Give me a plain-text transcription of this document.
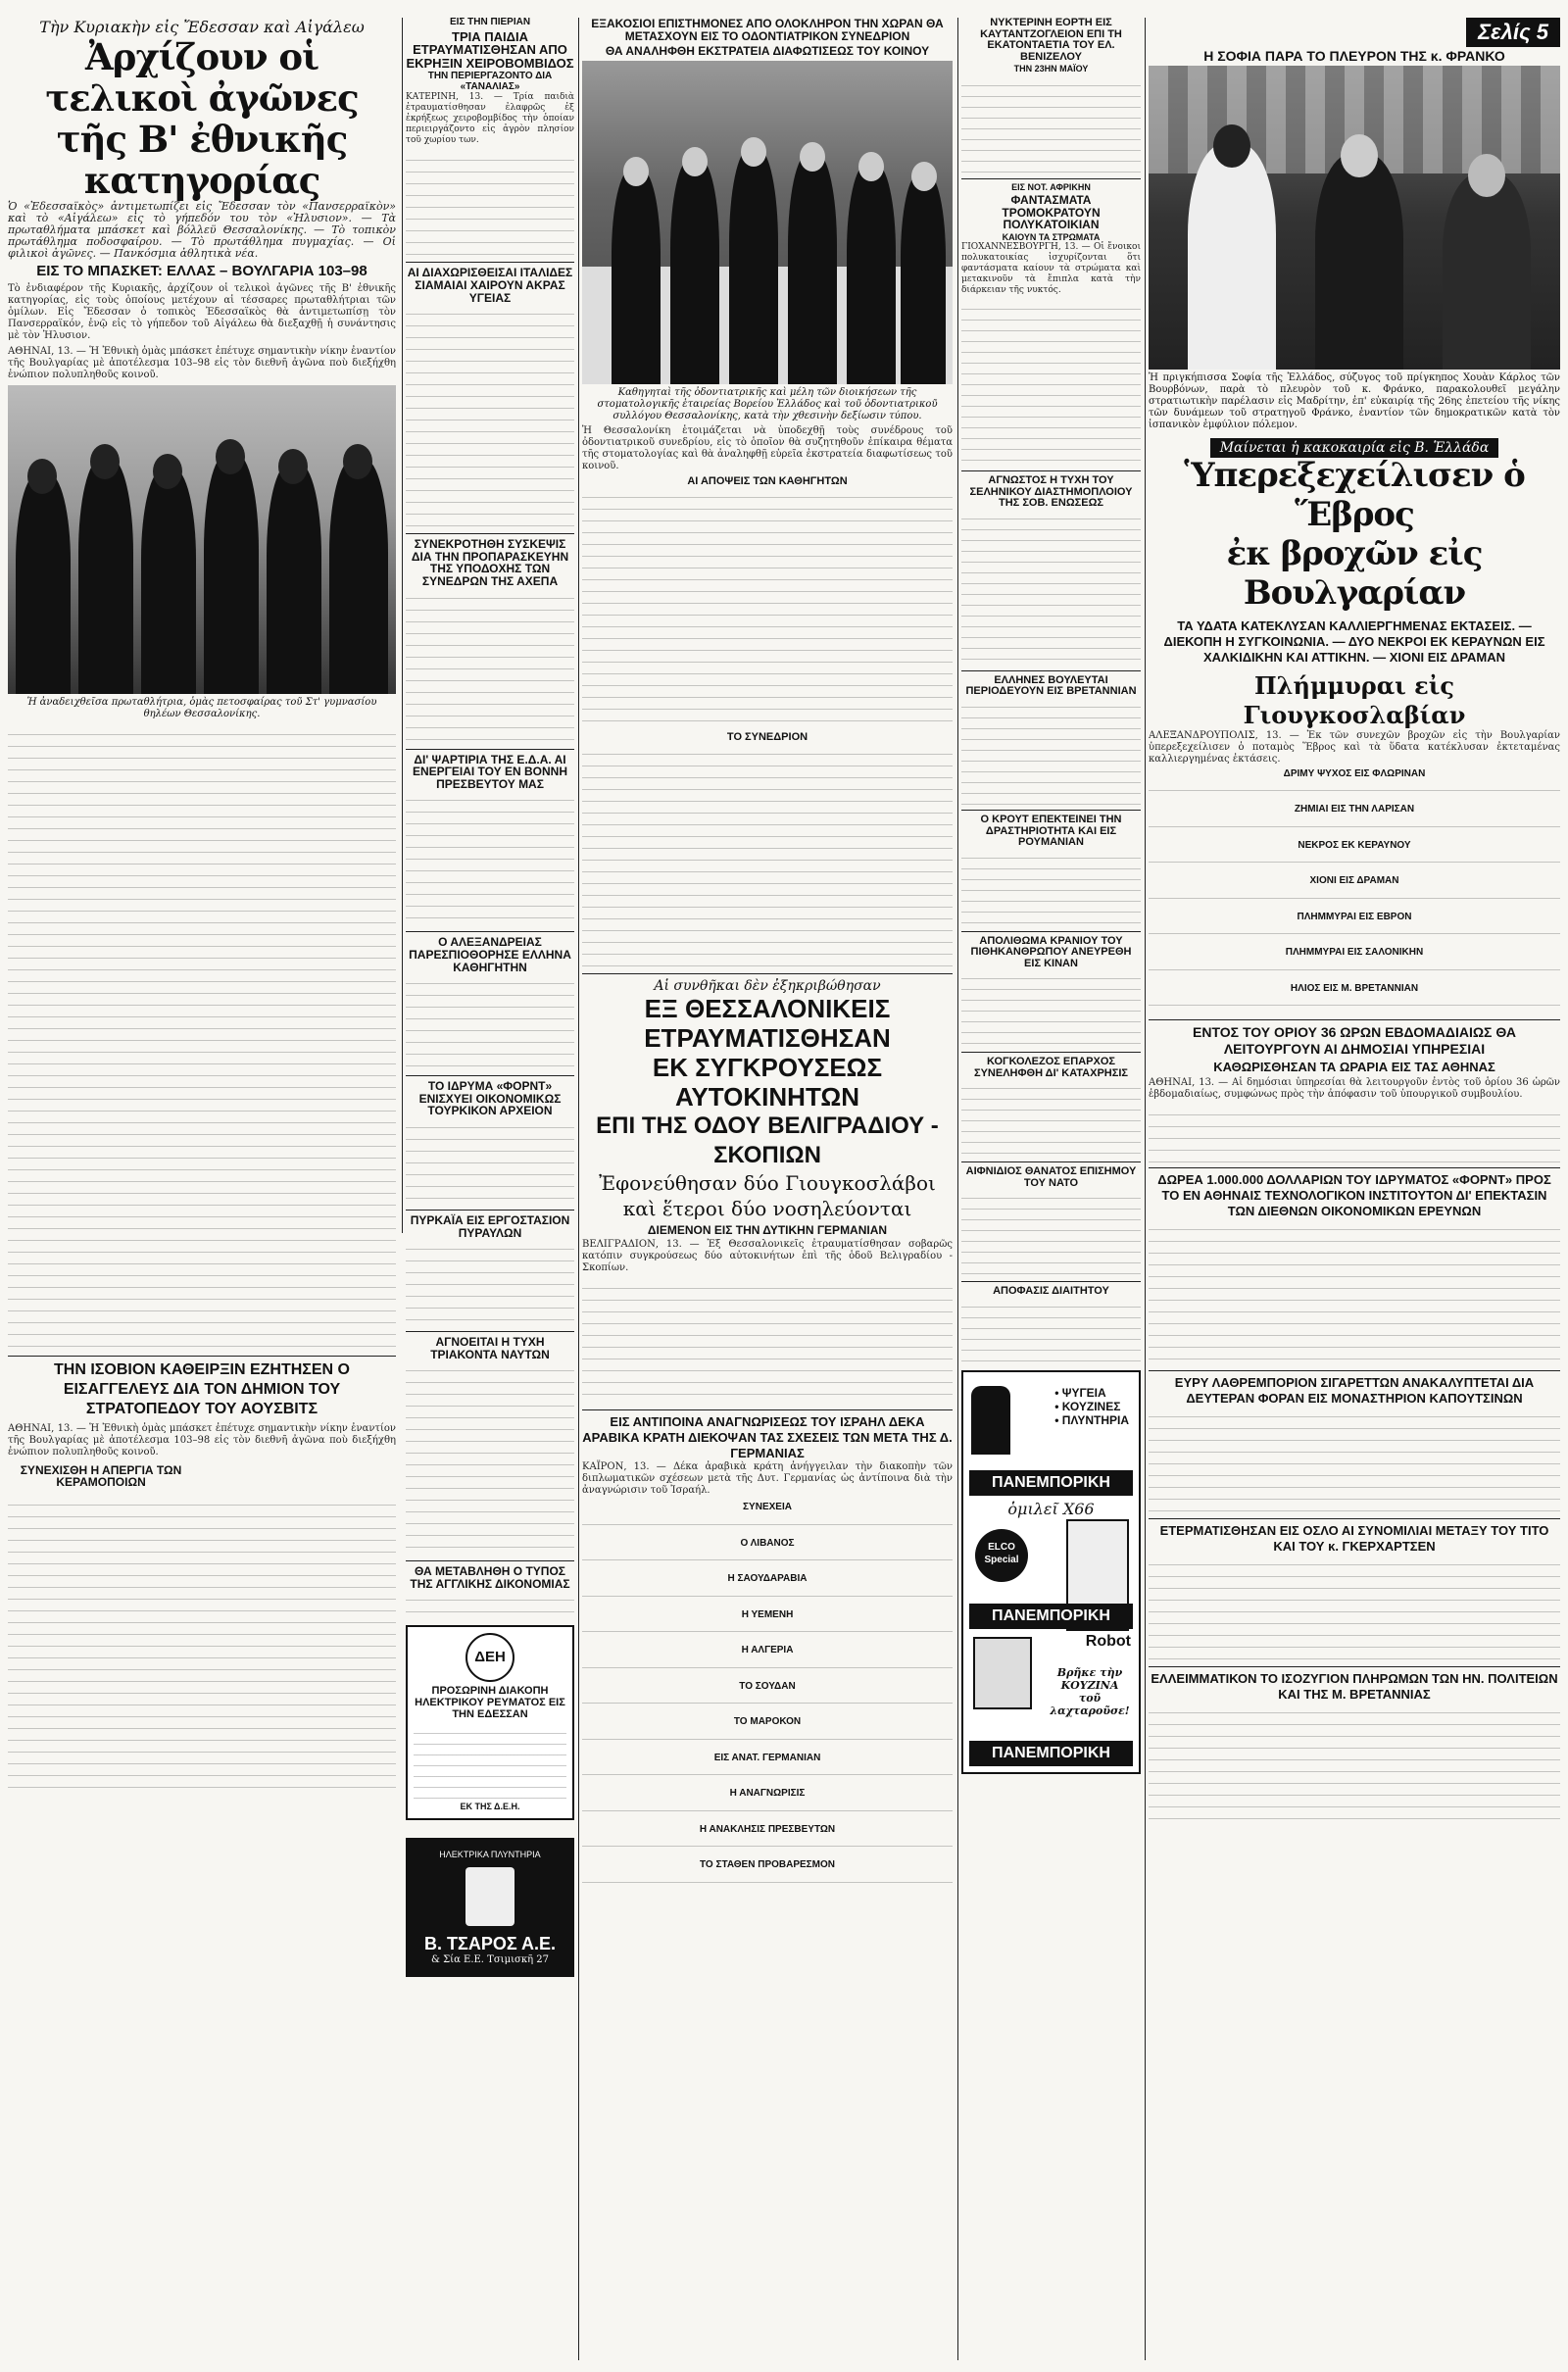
Τὴν Κυριακὴν εἰς Ἔδεσσαν καὶ Αἰγάλεω
Ἀρχίζουν οἱ τελικοὶ ἀγῶνες
τῆς Β' ἐθνικῆς κατηγορίας
Ὁ «Ἐδεσσαϊκὸς» ἀντιμετωπίζει εἰς Ἔδεσσαν τὸν «Πανσερραϊκὸν» καὶ τὸ «Αἰγάλεω» εἰς τὸ γήπεδόν του τὸν «Ἠλυσιον». — Τὰ πρωταθλήματα μπάσκετ καὶ βόλλεϋ Θεσσαλονίκης. — Τὸ τοπικὸν πρωτάθλημα ποδοσφαίρου. — Τὸ πρωτάθλημα πυγμαχίας. — Οἱ φιλικοὶ ἀγῶνες. — Πανκόσμια ἀθλητικὰ νέα.
ΕΙΣ ΤΟ ΜΠΑΣΚΕΤ: ΕΛΛΑΣ – ΒΟΥΛΓΑΡΙΑ 103–98
Τὸ ἐνδιαφέρον τῆς Κυριακῆς, ἀρχίζουν οἱ τελικοὶ ἀγῶνες τῆς Β' ἐθνικῆς κατηγορίας, εἰς τοὺς ὁποίους μετέχουν αἱ τέσσαρες πρωταθλήτριαι τῶν ὁμίλων. Εἰς Ἔδεσσαν ὁ τοπικὸς Ἐδεσσαϊκὸς θὰ ἀντιμετωπίσῃ τὸν Πανσερραϊκόν, ἐνῷ εἰς τὸ γήπεδον τοῦ Αἰγάλεω θὰ διεξαχθῇ ἡ συνάντησις μὲ τὸν Ἠλυσιον.
ΑΘΗΝΑΙ, 13. — Ἡ Ἐθνικὴ ὁμὰς μπάσκετ ἐπέτυχε σημαντικὴν νίκην ἐναντίον τῆς Βουλγαρίας μὲ ἀποτέλεσμα 103–98 εἰς τὸν διεθνῆ ἀγῶνα ποὺ διεξήχθη ἐνώπιον πολυπληθοῦς κοινοῦ.
Ἡ ἀναδειχθεῖσα πρωταθλήτρια, ὁμὰς πετοσφαίρας τοῦ Στ' γυμνασίου θηλέων Θεσσαλονίκης.
ΤΗΝ ΙΣΟΒΙΟΝ ΚΑΘΕΙΡΞΙΝ ΕΖΗΤΗΣΕΝ Ο ΕΙΣΑΓΓΕΛΕΥΣ ΔΙΑ ΤΟΝ ΔΗΜΙΟΝ ΤΟΥ ΣΤΡΑΤΟΠΕΔΟΥ ΤΟΥ ΑΟΥΣΒΙΤΣ
ΑΘΗΝΑΙ, 13. — Ἡ Ἐθνικὴ ὁμὰς μπάσκετ ἐπέτυχε σημαντικὴν νίκην ἐναντίον τῆς Βουλγαρίας μὲ ἀποτέλεσμα 103–98 εἰς τὸν διεθνῆ ἀγῶνα ποὺ διεξήχθη ἐνώπιον πολυπληθοῦς κοινοῦ.
ΣΥΝΕΧΙΣΘΗ Η ΑΠΕΡΓΙΑ ΤΩΝ ΚΕΡΑΜΟΠΟΙΩΝ
ΕΙΣ ΤΗΝ ΠΙΕΡΙΑΝ
ΤΡΙΑ ΠΑΙΔΙΑ ΕΤΡΑΥΜΑΤΙΣΘΗΣΑΝ ΑΠΟ ΕΚΡΗΞΙΝ ΧΕΙΡΟΒΟΜΒΙΔΟΣ
ΤΗΝ ΠΕΡΙΕΡΓΑΖΟΝΤΟ ΔΙΑ «ΤΑΝΑΛΙΑΣ»
ΚΑΤΕΡΙΝΗ, 13. — Τρία παιδιὰ ἐτραυματίσθησαν ἐλαφρῶς ἐξ ἐκρήξεως χειροβομβίδος τὴν ὁποίαν περιειργάζοντο εἰς ἀγρὸν πλησίον τοῦ χωρίου των.
ΑΙ ΔΙΑΧΩΡΙΣΘΕΙΣΑΙ ΙΤΑΛΙΔΕΣ ΣΙΑΜΑΙΑΙ ΧΑΙΡΟΥΝ ΑΚΡΑΣ ΥΓΕΙΑΣ
ΣΥΝΕΚΡΟΤΗΘΗ ΣΥΣΚΕΨΙΣ ΔΙΑ ΤΗΝ ΠΡΟΠΑΡΑΣΚΕΥΗΝ ΤΗΣ ΥΠΟΔΟΧΗΣ ΤΩΝ ΣΥΝΕΔΡΩΝ ΤΗΣ ΑΧΕΠΑ
ΔΙ' ΨΑΡΤΙΡΙΑ ΤΗΣ Ε.Δ.Α. ΑΙ ΕΝΕΡΓΕΙΑΙ ΤΟΥ ΕΝ ΒΟΝΝΗ ΠΡΕΣΒΕΥΤΟΥ ΜΑΣ
Ο ΑΛΕΞΑΝΔΡΕΙΑΣ ΠΑΡΕΣΠΙΟΘΟΡΗΣΕ ΕΛΛΗΝΑ ΚΑΘΗΓΗΤΗΝ
ΤΟ ΙΔΡΥΜΑ «ΦΟΡΝΤ» ΕΝΙΣΧΥΕΙ ΟΙΚΟΝΟΜΙΚΩΣ ΤΟΥΡΚΙΚΟΝ ΑΡΧΕΙΟΝ
ΠΥΡΚΑΪΑ ΕΙΣ ΕΡΓΟΣΤΑΣΙΟΝ ΠΥΡΑΥΛΩΝ
ΑΓΝΟΕΙΤΑΙ Η ΤΥΧΗ ΤΡΙΑΚΟΝΤΑ ΝΑΥΤΩΝ
ΘΑ ΜΕΤΑΒΛΗΘΗ Ο ΤΥΠΟΣ ΤΗΣ ΑΓΓΛΙΚΗΣ ΔΙΚΟΝΟΜΙΑΣ
ΔΕΗ
ΠΡΟΣΩΡΙΝΗ ΔΙΑΚΟΠΗ ΗΛΕΚΤΡΙΚΟΥ ΡΕΥΜΑΤΟΣ ΕΙΣ ΤΗΝ ΕΔΕΣΣΑΝ
ΕΚ ΤΗΣ Δ.Ε.Η.
ΗΛΕΚΤΡΙΚΑ ΠΛΥΝΤΗΡΙΑ
Β. ΤΣΑΡΟΣ Α.Ε.
& Σία Ε.Ε. Τσιμισκῆ 27
ΕΞΑΚΟΣΙΟΙ ΕΠΙΣΤΗΜΟΝΕΣ ΑΠΟ ΟΛΟΚΛΗΡΟΝ ΤΗΝ ΧΩΡΑΝ ΘΑ ΜΕΤΑΣΧΟΥΝ ΕΙΣ ΤΟ ΟΔΟΝΤΙΑΤΡΙΚΟΝ ΣΥΝΕΔΡΙΟΝ
ΘΑ ΑΝΑΛΗΦΘΗ ΕΚΣΤΡΑΤΕΙΑ ΔΙΑΦΩΤΙΣΕΩΣ ΤΟΥ ΚΟΙΝΟΥ
Καθηγηταὶ τῆς ὀδοντιατρικῆς καὶ μέλη τῶν διοικήσεων τῆς στοματολογικῆς ἑταιρείας Βορείου Ἑλλάδος καὶ τοῦ ὀδοντιατρικοῦ συλλόγου Θεσσαλονίκης, κατὰ τὴν χθεσινὴν δεξίωσιν τύπου.
Ἡ Θεσσαλονίκη ἑτοιμάζεται νὰ ὑποδεχθῇ τοὺς συνέδρους τοῦ ὀδοντιατρικοῦ συνεδρίου, εἰς τὸ ὁποῖον θὰ συζητηθοῦν ἐπίκαιρα θέματα τῆς στοματολογίας καὶ θὰ ἀναληφθῇ εὐρεῖα ἐκστρατεία διαφωτίσεως τοῦ κοινοῦ.
ΑΙ ΑΠΟΨΕΙΣ ΤΩΝ ΚΑΘΗΓΗΤΩΝ
ΤΟ ΣΥΝΕΔΡΙΟΝ
Αἱ συνθῆκαι δὲν ἐξηκριβώθησαν
ΕΞ ΘΕΣΣΑΛΟΝΙΚΕΙΣ ΕΤΡΑΥΜΑΤΙΣΘΗΣΑΝ
ΕΚ ΣΥΓΚΡΟΥΣΕΩΣ ΑΥΤΟΚΙΝΗΤΩΝ
ΕΠΙ ΤΗΣ ΟΔΟΥ ΒΕΛΙΓΡΑΔΙΟΥ - ΣΚΟΠΙΩΝ
Ἐφονεύθησαν δύο Γιουγκοσλάβοι
καὶ ἕτεροι δύο νοσηλεύονται
ΔΙΕΜΕΝΟΝ ΕΙΣ ΤΗΝ ΔΥΤΙΚΗΝ ΓΕΡΜΑΝΙΑΝ
ΒΕΛΙΓΡΑΔΙΟΝ, 13. — Ἐξ Θεσσαλονικεῖς ἐτραυματίσθησαν σοβαρῶς κατόπιν συγκρούσεως δύο αὐτοκινήτων ἐπὶ τῆς ὁδοῦ Βελιγραδίου - Σκοπίων.
ΕΙΣ ΑΝΤΙΠΟΙΝΑ ΑΝΑΓΝΩΡΙΣΕΩΣ ΤΟΥ ΙΣΡΑΗΛ ΔΕΚΑ ΑΡΑΒΙΚΑ ΚΡΑΤΗ ΔΙΕΚΟΨΑΝ ΤΑΣ ΣΧΕΣΕΙΣ ΤΩΝ ΜΕΤΑ ΤΗΣ Δ. ΓΕΡΜΑΝΙΑΣ
ΚΑΪΡΟΝ, 13. — Δέκα ἀραβικὰ κράτη ἀνήγγειλαν τὴν διακοπὴν τῶν διπλωματικῶν σχέσεων μετὰ τῆς Δυτ. Γερμανίας ὡς ἀντίποινα διὰ τὴν ἀναγνώρισιν τοῦ Ἰσραήλ.
ΣΥΝΕΧΕΙΑ
Ο ΛΙΒΑΝΟΣ
Η ΣΑΟΥΔΑΡΑΒΙΑ
Η ΥΕΜΕΝΗ
Η ΑΛΓΕΡΙΑ
ΤΟ ΣΟΥΔΑΝ
ΤΟ ΜΑΡΟΚΟΝ
ΕΙΣ ΑΝΑΤ. ΓΕΡΜΑΝΙΑΝ
Η ΑΝΑΓΝΩΡΙΣΙΣ
Η ΑΝΑΚΛΗΣΙΣ ΠΡΕΣΒΕΥΤΩΝ
ΤΟ ΣΤΑΘΕΝ ΠΡΟΒΑΡΕΣΜΟΝ
ΝΥΚΤΕΡΙΝΗ ΕΟΡΤΗ ΕΙΣ ΚΑΥΤΑΝΤΖΟΓΛΕΙΟΝ ΕΠΙ ΤΗ ΕΚΑΤΟΝΤΑΕΤΙΑ ΤΟΥ ΕΛ. ΒΕΝΙΖΕΛΟΥ
ΤΗΝ 23ΗΝ ΜΑΪΟΥ
ΕΙΣ ΝΟΤ. ΑΦΡΙΚΗΝ
ΦΑΝΤΑΣΜΑΤΑ ΤΡΟΜΟΚΡΑΤΟΥΝ ΠΟΛΥΚΑΤΟΙΚΙΑΝ
ΚΑΙΟΥΝ ΤΑ ΣΤΡΩΜΑΤΑ
ΓΙΟΧΑΝΝΕΣΒΟΥΡΓΗ, 13. — Οἱ ἔνοικοι πολυκατοικίας ἰσχυρίζονται ὅτι φαντάσματα καίουν τὰ στρώματα καὶ μετακινοῦν τὰ ἔπιπλα κατὰ τὴν διάρκειαν τῆς νυκτός.
ΑΓΝΩΣΤΟΣ Η ΤΥΧΗ ΤΟΥ ΣΕΛΗΝΙΚΟΥ ΔΙΑΣΤΗΜΟΠΛΟΙΟΥ ΤΗΣ ΣΟΒ. ΕΝΩΣΕΩΣ
ΕΛΛΗΝΕΣ ΒΟΥΛΕΥΤΑΙ ΠΕΡΙΟΔΕΥΟΥΝ ΕΙΣ ΒΡΕΤΑΝΝΙΑΝ
Ο ΚΡΟΥΤ ΕΠΕΚΤΕΙΝΕΙ ΤΗΝ ΔΡΑΣΤΗΡΙΟΤΗΤΑ ΚΑΙ ΕΙΣ ΡΟΥΜΑΝΙΑΝ
ΑΠΟΛΙΘΩΜΑ ΚΡΑΝΙΟΥ ΤΟΥ ΠΙΘΗΚΑΝΘΡΩΠΟΥ ΑΝΕΥΡΕΘΗ ΕΙΣ ΚΙΝΑΝ
ΚΟΓΚΟΛΕΖΟΣ ΕΠΑΡΧΟΣ ΣΥΝΕΛΗΦΘΗ ΔΙ' ΚΑΤΑΧΡΗΣΙΣ
ΑΙΦΝΙΔΙΟΣ ΘΑΝΑΤΟΣ ΕΠΙΣΗΜΟΥ ΤΟΥ ΝΑΤΟ
ΑΠΟΦΑΣΙΣ ΔΙΑΙΤΗΤΟΥ
• ΨΥΓΕΙΑ
• ΚΟΥΖΙΝΕΣ
• ΠΛΥΝΤΗΡΙΑ
ΠΑΝΕΜΠΟΡΙΚΗ
ὁμιλεῖ Χ66
ELCO Special
ΠΑΝΕΜΠΟΡΙΚΗ
Robot
Βρῆκε τὴν ΚΟΥΖΙΝΑ τοῦ λαχταροῦσε!
ΠΑΝΕΜΠΟΡΙΚΗ
Σελίς 5
Η ΣΟΦΙΑ ΠΑΡΑ ΤΟ ΠΛΕΥΡΟΝ ΤΗΣ κ. ΦΡΑΝΚΟ
Ἡ πριγκήπισσα Σοφία τῆς Ἑλλάδος, σύζυγος τοῦ πρίγκηπος Χουὰν Κάρλος τῶν Βουρβόνων, παρὰ τὸ πλευρὸν τοῦ κ. Φράνκο, παρακολουθεῖ μεγάλην στρατιωτικὴν παρέλασιν εἰς Μαδρίτην, ἐπ' εὐκαιρίᾳ τῆς 26ης ἐπετείου τῆς νίκης τῶν δυνάμεων τοῦ στρατηγοῦ Φράνκο, ἐναντίον τῶν δημοκρατικῶν κατὰ τὸν ἱσπανικὸν ἐμφύλιον πόλεμον.
Μαίνεται ἡ κακοκαιρία εἰς Β. Ἑλλάδα
Ὑπερεξεχείλισεν ὁ Ἕβρος
ἐκ βροχῶν εἰς Βουλγαρίαν
ΤΑ ΥΔΑΤΑ ΚΑΤΕΚΛΥΣΑΝ ΚΑΛΛΙΕΡΓΗΜΕΝΑΣ ΕΚΤΑΣΕΙΣ. — ΔΙΕΚΟΠΗ Η ΣΥΓΚΟΙΝΩΝΙΑ. — ΔΥΟ ΝΕΚΡΟΙ ΕΚ ΚΕΡΑΥΝΩΝ ΕΙΣ ΧΑΛΚΙΔΙΚΗΝ ΚΑΙ ΑΤΤΙΚΗΝ. — ΧΙΟΝΙ ΕΙΣ ΔΡΑΜΑΝ
Πλήμμυραι εἰς Γιουγκοσλαβίαν
ΑΛΕΞΑΝΔΡΟΥΠΟΛΙΣ, 13. — Ἐκ τῶν συνεχῶν βροχῶν εἰς τὴν Βουλγαρίαν ὑπερεξεχείλισεν ὁ ποταμὸς Ἕβρος καὶ τὰ ὕδατα κατέκλυσαν ἐκτεταμένας καλλιεργημένας ἐκτάσεις.
ΔΡΙΜΥ ΨΥΧΟΣ ΕΙΣ ΦΛΩΡΙΝΑΝ
ΖΗΜΙΑΙ ΕΙΣ ΤΗΝ ΛΑΡΙΣΑΝ
ΝΕΚΡΟΣ ΕΚ ΚΕΡΑΥΝΟΥ
ΧΙΟΝΙ ΕΙΣ ΔΡΑΜΑΝ
ΠΛΗΜΜΥΡΑΙ ΕΙΣ ΕΒΡΟΝ
ΠΛΗΜΜΥΡΑΙ ΕΙΣ ΣΑΛΟΝΙΚΗΝ
ΗΛΙΟΣ ΕΙΣ Μ. ΒΡΕΤΑΝΝΙΑΝ
ΕΝΤΟΣ ΤΟΥ ΟΡΙΟΥ 36 ΩΡΩΝ ΕΒΔΟΜΑΔΙΑΙΩΣ ΘΑ ΛΕΙΤΟΥΡΓΟΥΝ ΑΙ ΔΗΜΟΣΙΑΙ ΥΠΗΡΕΣΙΑΙ
ΚΑΘΩΡΙΣΘΗΣΑΝ ΤΑ ΩΡΑΡΙΑ ΕΙΣ ΤΑΣ ΑΘΗΝΑΣ
ΑΘΗΝΑΙ, 13. — Αἱ δημόσιαι ὑπηρεσίαι θὰ λειτουργοῦν ἐντὸς τοῦ ὁρίου 36 ὡρῶν ἑβδομαδιαίως, συμφώνως πρὸς τὴν ἀπόφασιν τοῦ ὑπουργικοῦ συμβουλίου.
ΔΩΡΕΑ 1.000.000 ΔΟΛΛΑΡΙΩΝ ΤΟΥ ΙΔΡΥΜΑΤΟΣ «ΦΟΡΝΤ» ΠΡΟΣ ΤΟ ΕΝ ΑΘΗΝΑΙΣ ΤΕΧΝΟΛΟΓΙΚΟΝ ΙΝΣΤΙΤΟΥΤΟΝ ΔΙ' ΕΠΕΚΤΑΣΙΝ ΤΩΝ ΔΙΕΘΝΩΝ ΟΙΚΟΝΟΜΙΚΩΝ ΕΡΕΥΝΩΝ
ΕΥΡΥ ΛΑΘΡΕΜΠΟΡΙΟΝ ΣΙΓΑΡΕΤΤΩΝ ΑΝΑΚΑΛΥΠΤΕΤΑΙ ΔΙΑ ΔΕΥΤΕΡΑΝ ΦΟΡΑΝ ΕΙΣ ΜΟΝΑΣΤΗΡΙΟΝ ΚΑΠΟΥΤΣΙΝΩΝ
ΕΤΕΡΜΑΤΙΣΘΗΣΑΝ ΕΙΣ ΟΣΛΟ ΑΙ ΣΥΝΟΜΙΛΙΑΙ ΜΕΤΑΞΥ ΤΟΥ ΤΙΤΟ ΚΑΙ ΤΟΥ κ. ΓΚΕΡΧΑΡΤΣΕΝ
ΕΛΛΕΙΜΜΑΤΙΚΟΝ ΤΟ ΙΣΟΖΥΓΙΟΝ ΠΛΗΡΩΜΩΝ ΤΩΝ ΗΝ. ΠΟΛΙΤΕΙΩΝ ΚΑΙ ΤΗΣ Μ. ΒΡΕΤΑΝΝΙΑΣ
